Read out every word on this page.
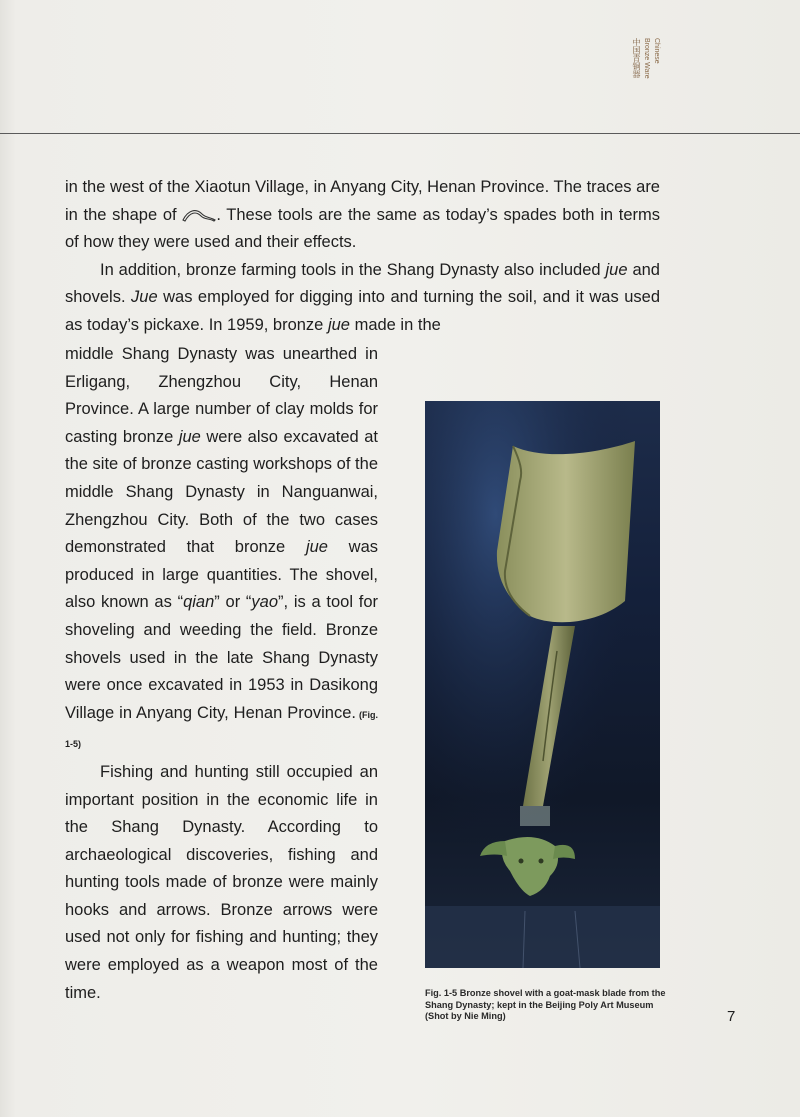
Chinese
Bronze Ware
中国青铜器

in the west of the Xiaotun Village, in Anyang City, Henan Province. The traces are in the shape of . These tools are the same as today’s spades both in terms of how they were used and their effects.

In addition, bronze farming tools in the Shang Dynasty also included jue and shovels. Jue was employed for digging into and turning the soil, and it was used as today’s pickaxe. In 1959, bronze jue made in the

middle Shang Dynasty was unearthed in Erligang, Zhengzhou City, Henan Province. A large number of clay molds for casting bronze jue were also excavated at the site of bronze casting workshops of the middle Shang Dynasty in Nanguanwai, Zhengzhou City. Both of the two cases demonstrated that bronze jue was produced in large quantities. The shovel, also known as “qian” or “yao”, is a tool for shoveling and weeding the field. Bronze shovels used in the late Shang Dynasty were once excavated in 1953 in Dasikong Village in Anyang City, Henan Province. (Fig. 1-5)

Fishing and hunting still occupied an important position in the economic life in the Shang Dynasty. According to archaeological discoveries, fishing and hunting tools made of bronze were mainly hooks and arrows. Bronze arrows were used not only for fishing and hunting; they were employed as a weapon most of the time.	Fig. 1-5 Bronze shovel with a goat-mask blade from the Shang Dynasty; kept in the Beijing Poly Art Museum (Shot by Nie Ming)	7
